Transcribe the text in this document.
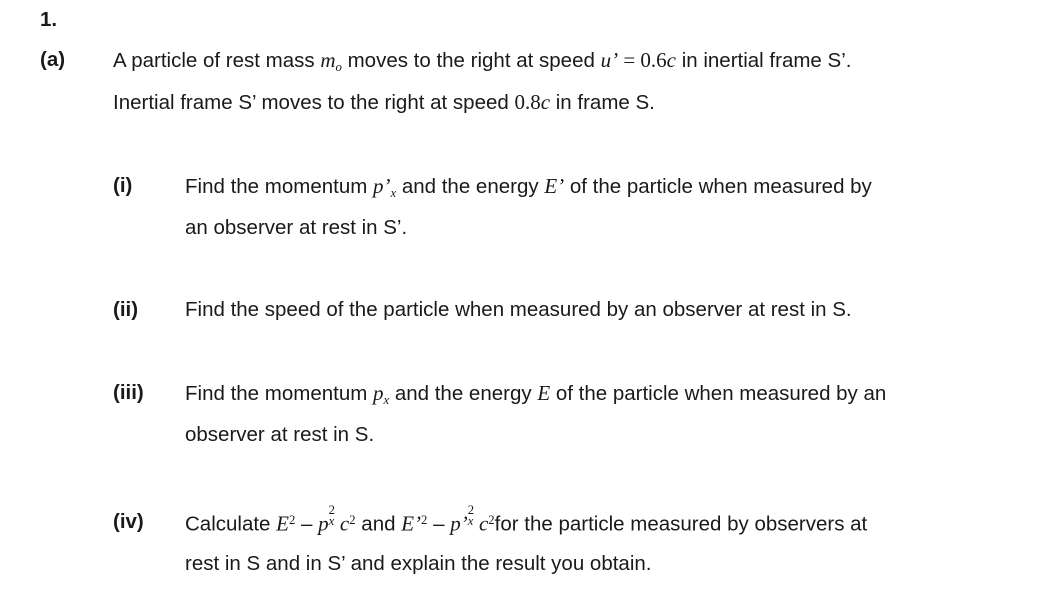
1.
(a) A particle of rest mass $m_o$ moves to the right at speed u’ = 0.6c in inertial frame S’.
Inertial frame S’ moves to the right at speed 0.8c in frame S.
(i)	Find the momentum $p’_x$ and the energy E’ of the particle when measured by
an observer at rest in S’.
(ii) Find the speed of the particle when measured by an observer at rest in S.
(iii) Find the momentum $p_x$ and the energy E of the particle when measured by an
observer at rest in S.
(iv) Calculate $E^2$ – p
2
x $c^2$ and E’$^2$ – p’
2
x $c^2for$ the particle measured by observers at
rest in S and in S’ and explain the result you obtain.
